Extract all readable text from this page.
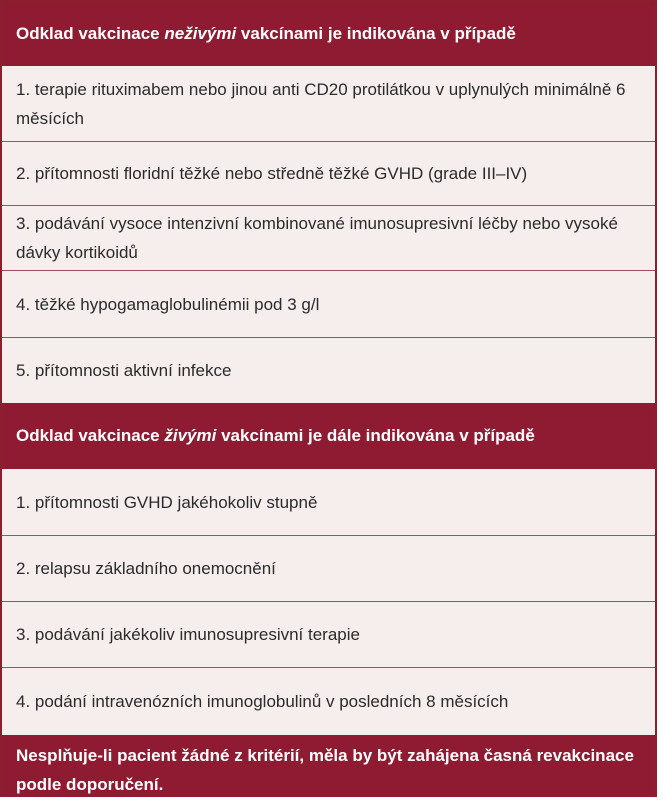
Odklad vakcinace neživými vakcínami je indikována v případě
1. terapie rituximabem nebo jinou anti CD20 protilátkou v uplynulých minimálně 6 měsících
2. přítomnosti floridní těžké nebo středně těžké GVHD (grade III–IV)
3. podávání vysoce intenzivní kombinované imunosupresivní léčby nebo vysoké dávky kortikoidů
4. těžké hypogamaglobulinémii pod 3 g/l
5. přítomnosti aktivní infekce
Odklad vakcinace živými vakcínami je dále indikována v případě
1. přítomnosti GVHD jakéhokoliv stupně
2. relapsu základního onemocnění
3. podávání jakékoliv imunosupresivní terapie
4. podání intravenózních imunoglobulinů v posledních 8 měsících
Nesplňuje-li pacient žádné z kritérií, měla by být zahájena časná revakcinace podle doporučení.
